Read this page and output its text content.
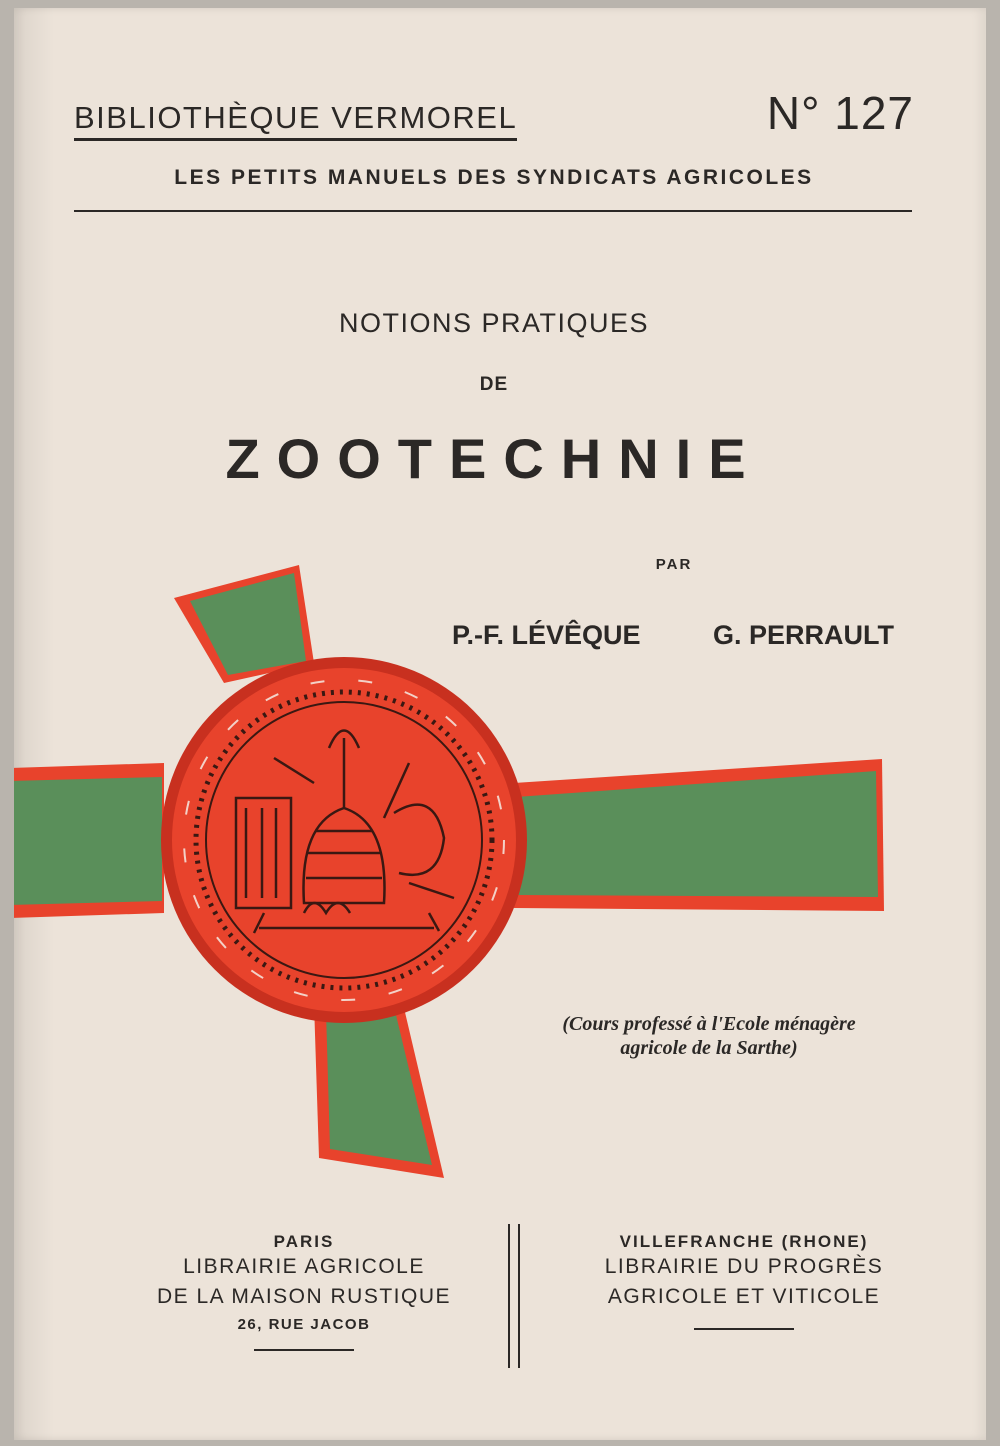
BIBLIOTHÈQUE VERMOREL	N° 127
LES PETITS MANUELS DES SYNDICATS AGRICOLES
NOTIONS PRATIQUES
DE
ZOOTECHNIE
PAR
P.-F. LÉVÊQUE	G. PERRAULT
(Cours professé à l'Ecole ménagère
agricole de la Sarthe)
PARIS
LIBRAIRIE AGRICOLE
DE LA MAISON RUSTIQUE
26, RUE JACOB
VILLEFRANCHE (RHONE)
LIBRAIRIE DU PROGRÈS
AGRICOLE ET VITICOLE
